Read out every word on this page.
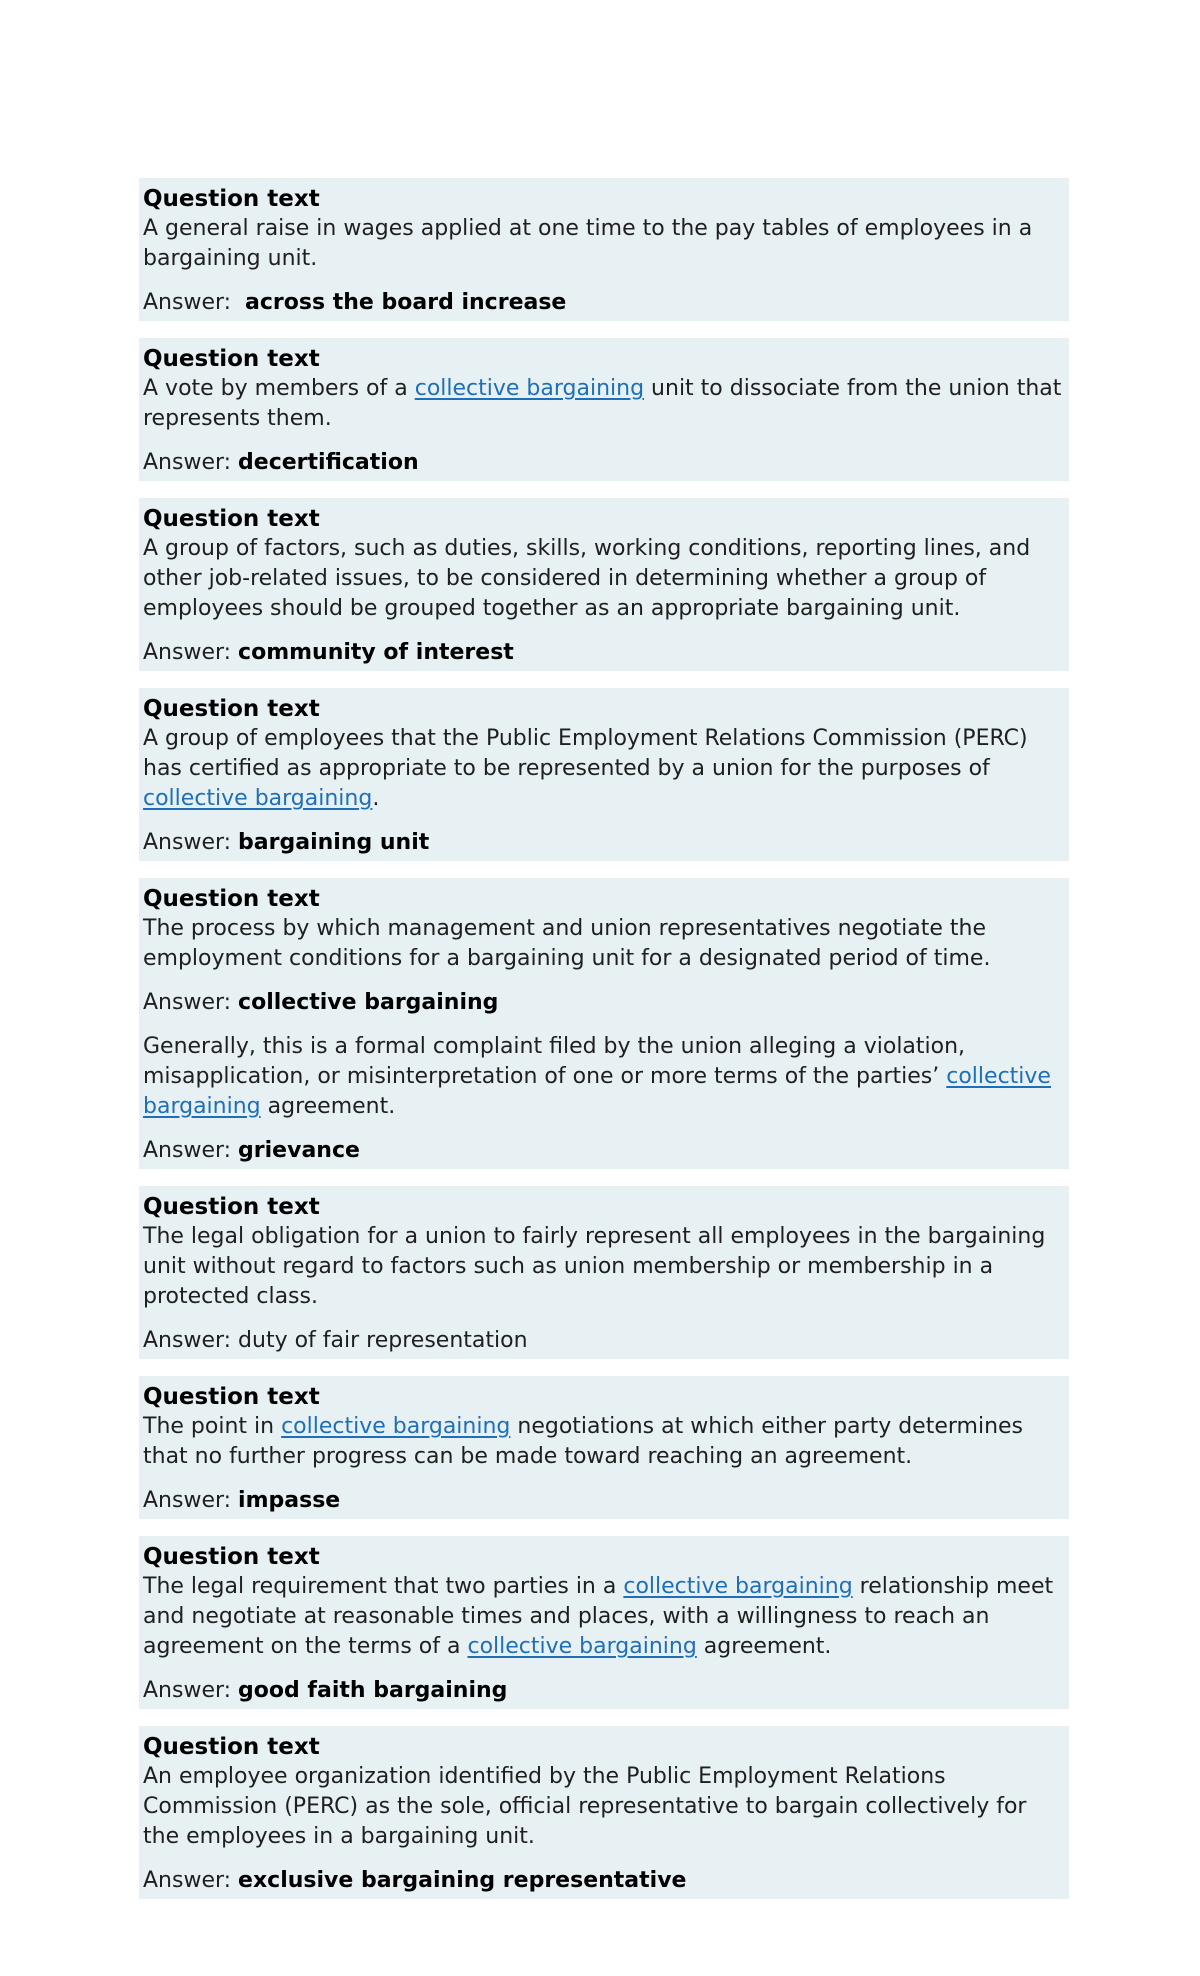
Question text
A general raise in wages applied at one time to the pay tables of employees in a bargaining unit.
Answer:  across the board increase
Question text
A vote by members of a collective bargaining unit to dissociate from the union that represents them.
Answer: decertification
Question text
A group of factors, such as duties, skills, working conditions, reporting lines, and other job-related issues, to be considered in determining whether a group of employees should be grouped together as an appropriate bargaining unit.
Answer: community of interest
Question text
A group of employees that the Public Employment Relations Commission (PERC) has certified as appropriate to be represented by a union for the purposes of collective bargaining.
Answer: bargaining unit
Question text
The process by which management and union representatives negotiate the employment conditions for a bargaining unit for a designated period of time.
Answer: collective bargaining
Generally, this is a formal complaint filed by the union alleging a violation, misapplication, or misinterpretation of one or more terms of the parties’ collective bargaining agreement.
Answer: grievance
Question text
The legal obligation for a union to fairly represent all employees in the bargaining unit without regard to factors such as union membership or membership in a protected class.
Answer: duty of fair representation
Question text
The point in collective bargaining negotiations at which either party determines that no further progress can be made toward reaching an agreement.
Answer: impasse
Question text
The legal requirement that two parties in a collective bargaining relationship meet and negotiate at reasonable times and places, with a willingness to reach an agreement on the terms of a collective bargaining agreement.
Answer: good faith bargaining
Question text
An employee organization identified by the Public Employment Relations Commission (PERC) as the sole, official representative to bargain collectively for the employees in a bargaining unit.
Answer: exclusive bargaining representative
